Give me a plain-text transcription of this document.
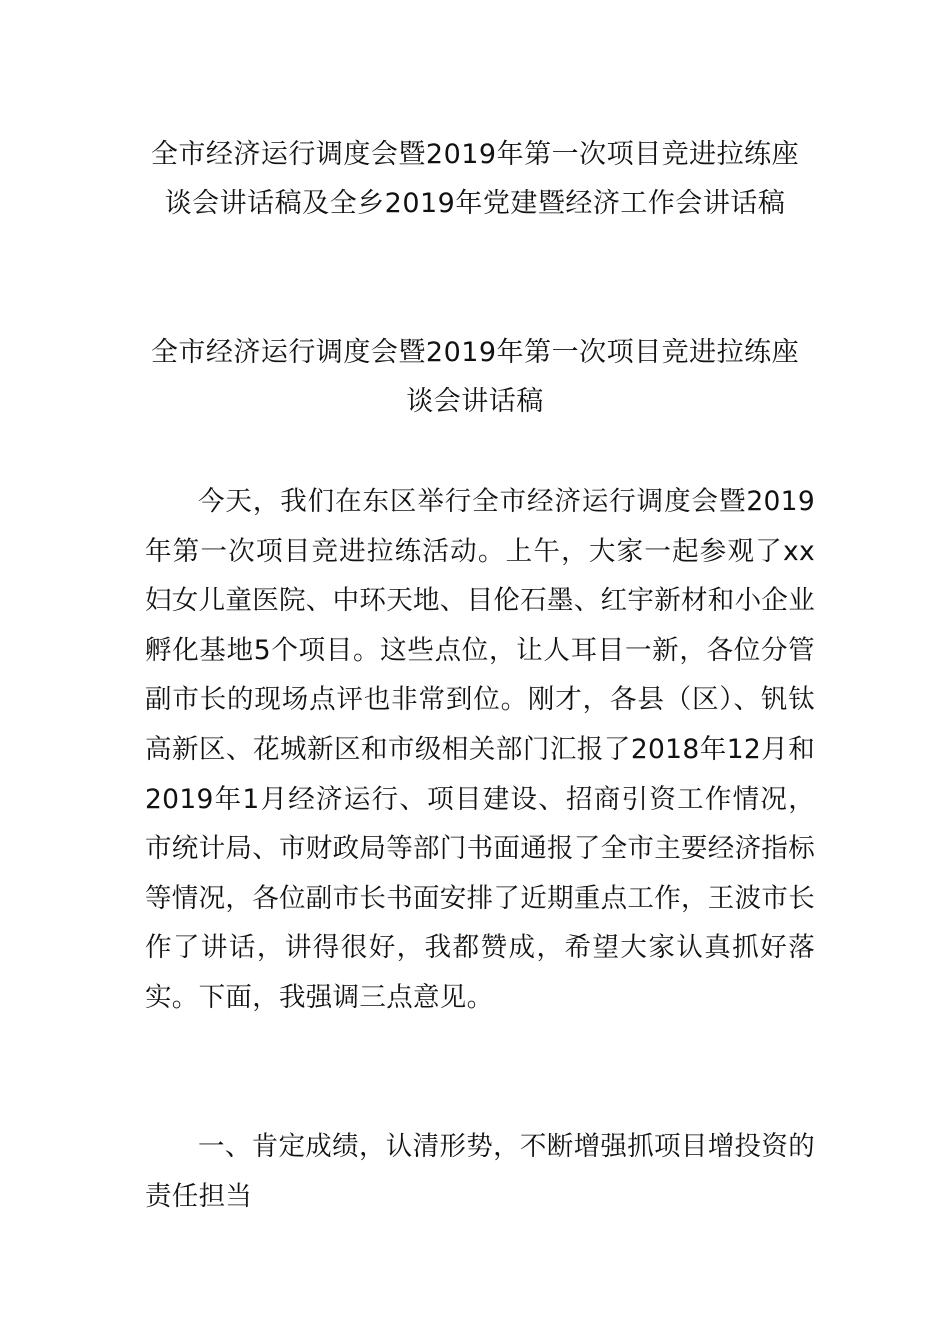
全市经济运行调度会暨2019年第一次项目竞进拉练座谈会讲话稿及全乡2019年党建暨经济工作会讲话稿
全市经济运行调度会暨2019年第一次项目竞进拉练座谈会讲话稿

今天，我们在东区举行全市经济运行调度会暨2019年第一次项目竞进拉练活动。上午，大家一起参观了xx妇女儿童医院、中环天地、目伦石墨、红宇新材和小企业孵化基地5个项目。这些点位，让人耳目一新，各位分管副市长的现场点评也非常到位。刚才，各县（区）、钒钛高新区、花城新区和市级相关部门汇报了2018年12月和2019年1月经济运行、项目建设、招商引资工作情况，市统计局、市财政局等部门书面通报了全市主要经济指标等情况，各位副市长书面安排了近期重点工作，王波市长作了讲话，讲得很好，我都赞成，希望大家认真抓好落实。下面，我强调三点意见。

一、肯定成绩，认清形势，不断增强抓项目增投资的责任担当
